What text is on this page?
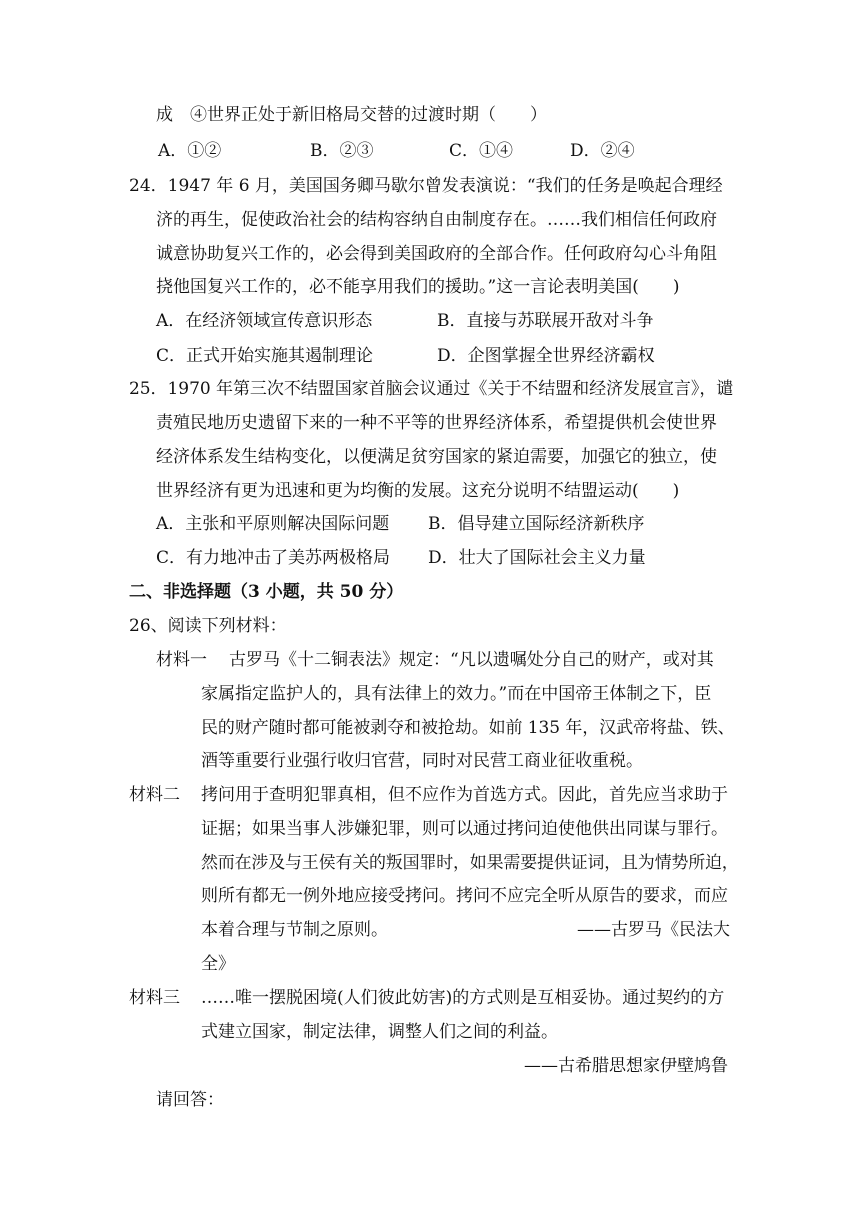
成　④世界正处于新旧格局交替的过渡时期（　　）
A．①②	B．②③	C．①④	D．②④
24．1947 年 6 月，美国国务卿马歇尔曾发表演说：“我们的任务是唤起合理经
济的再生，促使政治社会的结构容纳自由制度存在。……我们相信任何政府
诚意协助复兴工作的，必会得到美国政府的全部合作。任何政府勾心斗角阻
挠他国复兴工作的，必不能享用我们的援助。”这一言论表明美国(　　)
A．在经济领域宣传意识形态	B．直接与苏联展开敌对斗争
C．正式开始实施其遏制理论	D．企图掌握全世界经济霸权
25．1970 年第三次不结盟国家首脑会议通过《关于不结盟和经济发展宣言》，谴
责殖民地历史遗留下来的一种不平等的世界经济体系，希望提供机会使世界
经济体系发生结构变化，以便满足贫穷国家的紧迫需要，加强它的独立，使
世界经济有更为迅速和更为均衡的发展。这充分说明不结盟运动(　　)
A．主张和平原则解决国际问题 B．倡导建立国际经济新秩序
C．有力地冲击了美苏两极格局 D．壮大了国际社会主义力量
二、非选择题（3 小题，共 50 分）
26、阅读下列材料：
材料一 古罗马《十二铜表法》规定：“凡以遗嘱处分自己的财产，或对其
家属指定监护人的，具有法律上的效力。”而在中国帝王体制之下，臣
民的财产随时都可能被剥夺和被抢劫。如前 135 年，汉武帝将盐、铁、
酒等重要行业强行收归官营，同时对民营工商业征收重税。
材料二 拷问用于查明犯罪真相，但不应作为首选方式。因此，首先应当求助于
证据；如果当事人涉嫌犯罪，则可以通过拷问迫使他供出同谋与罪行。
然而在涉及与王侯有关的叛国罪时，如果需要提供证词，且为情势所迫，
则所有都无一例外地应接受拷问。拷问不应完全听从原告的要求，而应
本着合理与节制之原则。	——古罗马《民法大
全》
材料三 ……唯一摆脱困境(人们彼此妨害)的方式则是互相妥协。通过契约的方
式建立国家，制定法律，调整人们之间的利益。
——古希腊思想家伊壁鸠鲁
请回答：
